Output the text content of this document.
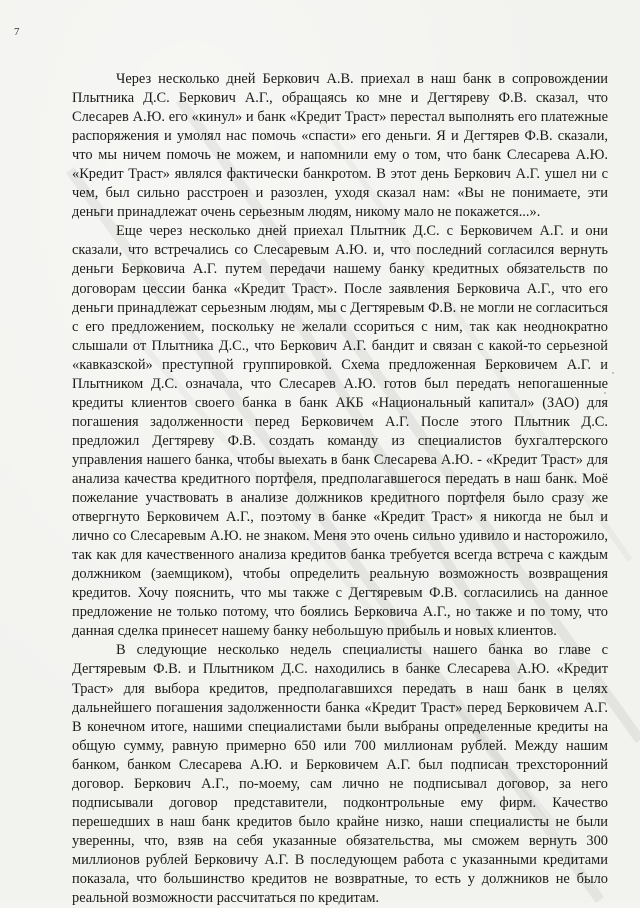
7

Через несколько дней Беркович А.В. приехал в наш банк в сопровождении Плытника Д.С. Беркович А.Г., обращаясь ко мне и Дегтяреву Ф.В. сказал, что Слесарев А.Ю. его «кинул» и банк «Кредит Траст» перестал выполнять его платежные распоряжения и умолял нас помочь «спасти» его деньги. Я и Дегтярев Ф.В. сказали, что мы ничем помочь не можем, и напомнили ему о том, что банк Слесарева А.Ю. «Кредит Траст» являлся фактически банкротом. В этот день Беркович А.Г. ушел ни с чем, был сильно расстроен и разозлен, уходя сказал нам: «Вы не понимаете, эти деньги принадлежат очень серьезным людям, никому мало не покажется...».

Еще через несколько дней приехал Плытник Д.С. с Берковичем А.Г. и они сказали, что встречались со Слесаревым А.Ю. и, что последний согласился вернуть деньги Берковича А.Г. путем передачи нашему банку кредитных обязательств по договорам цессии банка «Кредит Траст». После заявления Берковича А.Г., что его деньги принадлежат серьезным людям, мы с Дегтяревым Ф.В. не могли не согласиться с его предложением, поскольку не желали ссориться с ним, так как неоднократно слышали от Плытника Д.С., что Беркович А.Г. бандит и связан с какой-то серьезной «кавказской» преступной группировкой. Схема предложенная Берковичем А.Г. и Плытником Д.С. означала, что Слесарев А.Ю. готов был передать непогашенные кредиты клиентов своего банка в банк АКБ «Национальный капитал» (ЗАО) для погашения задолженности перед Берковичем А.Г. После этого Плытник Д.С. предложил Дегтяреву Ф.В. создать команду из специалистов бухгалтерского управления нашего банка, чтобы выехать в банк Слесарева А.Ю. - «Кредит Траст» для анализа качества кредитного портфеля, предполагавшегося передать в наш банк. Моё пожелание участвовать в анализе должников кредитного портфеля было сразу же отвергнуто Берковичем А.Г., поэтому в банке «Кредит Траст» я никогда не был и лично со Слесаревым А.Ю. не знаком. Меня это очень сильно удивило и насторожило, так как для качественного анализа кредитов банка требуется всегда встреча с каждым должником (заемщиком), чтобы определить реальную возможность возвращения кредитов. Хочу пояснить, что мы также с Дегтяревым Ф.В. согласились на данное предложение не только потому, что боялись Берковича А.Г., но также и по тому, что данная сделка принесет нашему банку небольшую прибыль и новых клиентов.

В следующие несколько недель специалисты нашего банка во главе с Дегтяревым Ф.В. и Плытником Д.С. находились в банке Слесарева А.Ю. «Кредит Траст» для выбора кредитов, предполагавшихся передать в наш банк в целях дальнейшего погашения задолженности банка «Кредит Траст» перед Берковичем А.Г. В конечном итоге, нашими специалистами были выбраны определенные кредиты на общую сумму, равную примерно 650 или 700 миллионам рублей. Между нашим банком, банком Слесарева А.Ю. и Берковичем А.Г. был подписан трехсторонний договор. Беркович А.Г., по-моему, сам лично не подписывал договор, за него подписывали договор представители, подконтрольные ему фирм. Качество перешедших в наш банк кредитов было крайне низко, наши специалисты не были уверенны, что, взяв на себя указанные обязательства, мы сможем вернуть 300 миллионов рублей Берковичу А.Г. В последующем работа с указанными кредитами показала, что большинство кредитов не возвратные, то есть у должников не было реальной возможности рассчитаться по кредитам.
